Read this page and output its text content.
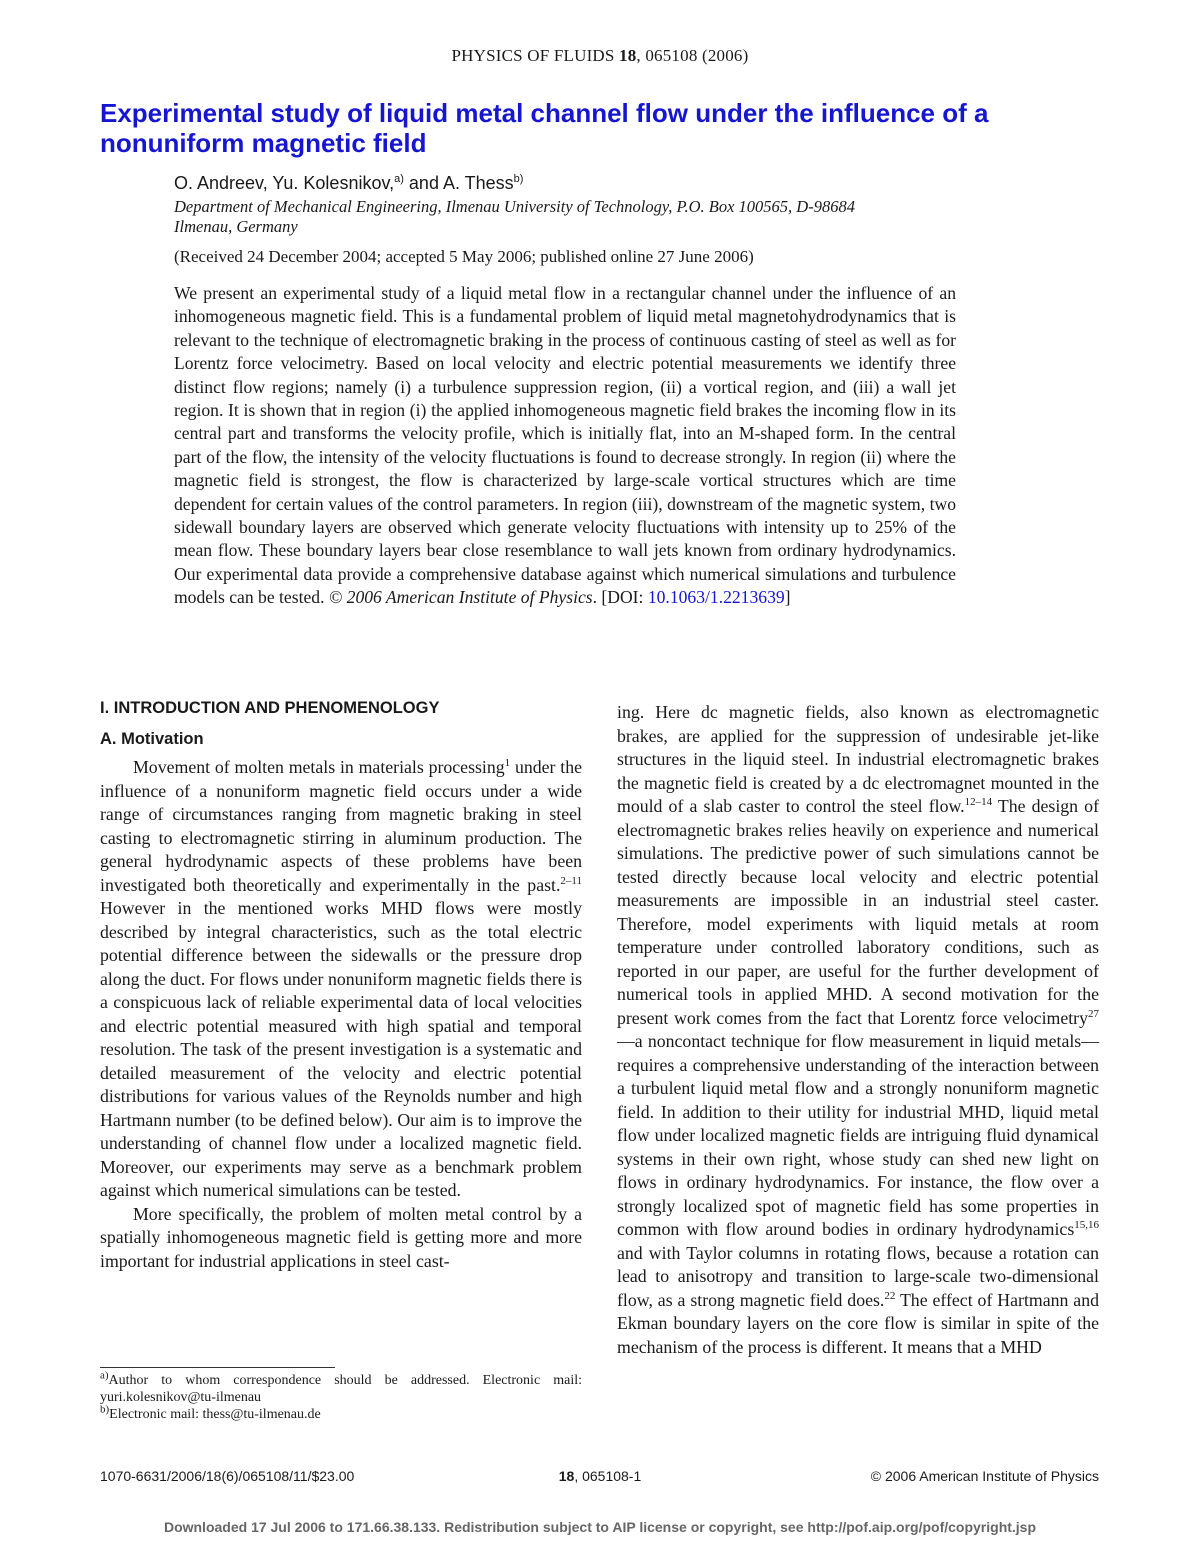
PHYSICS OF FLUIDS 18, 065108 (2006)
Experimental study of liquid metal channel flow under the influence of a nonuniform magnetic field
O. Andreev, Yu. Kolesnikov,$^{a)}$ and A. Thess$^{b)}$
Department of Mechanical Engineering, Ilmenau University of Technology, P.O. Box 100565, D-98684 Ilmenau, Germany
(Received 24 December 2004; accepted 5 May 2006; published online 27 June 2006)
We present an experimental study of a liquid metal flow in a rectangular channel under the influence of an inhomogeneous magnetic field. This is a fundamental problem of liquid metal magnetohydrodynamics that is relevant to the technique of electromagnetic braking in the process of continuous casting of steel as well as for Lorentz force velocimetry. Based on local velocity and electric potential measurements we identify three distinct flow regions; namely (i) a turbulence suppression region, (ii) a vortical region, and (iii) a wall jet region. It is shown that in region (i) the applied inhomogeneous magnetic field brakes the incoming flow in its central part and transforms the velocity profile, which is initially flat, into an M-shaped form. In the central part of the flow, the intensity of the velocity fluctuations is found to decrease strongly. In region (ii) where the magnetic field is strongest, the flow is characterized by large-scale vortical structures which are time dependent for certain values of the control parameters. In region (iii), downstream of the magnetic system, two sidewall boundary layers are observed which generate velocity fluctuations with intensity up to 25% of the mean flow. These boundary layers bear close resemblance to wall jets known from ordinary hydrodynamics. Our experimental data provide a comprehensive database against which numerical simulations and turbulence models can be tested. © 2006 American Institute of Physics. [DOI: 10.1063/1.2213639]
I. INTRODUCTION AND PHENOMENOLOGY
A. Motivation

Movement of molten metals in materials processing$^1$ under the influence of a nonuniform magnetic field occurs under a wide range of circumstances ranging from magnetic braking in steel casting to electromagnetic stirring in aluminum production. The general hydrodynamic aspects of these problems have been investigated both theoretically and experimentally in the past.$^{2-11}$ However in the mentioned works MHD flows were mostly described by integral characteristics, such as the total electric potential difference between the sidewalls or the pressure drop along the duct. For flows under nonuniform magnetic fields there is a conspicuous lack of reliable experimental data of local velocities and electric potential measured with high spatial and temporal resolution. The task of the present investigation is a systematic and detailed measurement of the velocity and electric potential distributions for various values of the Reynolds number and high Hartmann number (to be defined below). Our aim is to improve the understanding of channel flow under a localized magnetic field. Moreover, our experiments may serve as a benchmark problem against which numerical simulations can be tested.

More specifically, the problem of molten metal control by a spatially inhomogeneous magnetic field is getting more and more important for industrial applications in steel cast-

ing. Here dc magnetic fields, also known as electromagnetic brakes, are applied for the suppression of undesirable jet-like structures in the liquid steel. In industrial electromagnetic brakes the magnetic field is created by a dc electromagnet mounted in the mould of a slab caster to control the steel flow.$^{12-14}$ The design of electromagnetic brakes relies heavily on experience and numerical simulations. The predictive power of such simulations cannot be tested directly because local velocity and electric potential measurements are impossible in an industrial steel caster. Therefore, model experiments with liquid metals at room temperature under controlled laboratory conditions, such as reported in our paper, are useful for the further development of numerical tools in applied MHD. A second motivation for the present work comes from the fact that Lorentz force velocimetry$^{27}$—a noncontact technique for flow measurement in liquid metals—requires a comprehensive understanding of the interaction between a turbulent liquid metal flow and a strongly nonuniform magnetic field. In addition to their utility for industrial MHD, liquid metal flow under localized magnetic fields are intriguing fluid dynamical systems in their own right, whose study can shed new light on flows in ordinary hydrodynamics. For instance, the flow over a strongly localized spot of magnetic field has some properties in common with flow around bodies in ordinary hydrodynamics$^{15,16}$ and with Taylor columns in rotating flows, because a rotation can lead to anisotropy and transition to large-scale two-dimensional flow, as a strong magnetic field does.$^{22}$ The effect of Hartmann and Ekman boundary layers on the core flow is similar in spite of the mechanism of the process is different. It means that a MHD

$^{a)}$Author to whom correspondence should be addressed. Electronic mail: yuri.kolesnikov@tu-ilmenau

$^{b)}$Electronic mail: thess@tu-ilmenau.de

1070-6631/2006/18(6)/065108/11/$23.00	18, 065108-1	© 2006 American Institute of Physics
Downloaded 17 Jul 2006 to 171.66.38.133. Redistribution subject to AIP license or copyright, see http://pof.aip.org/pof/copyright.jsp
